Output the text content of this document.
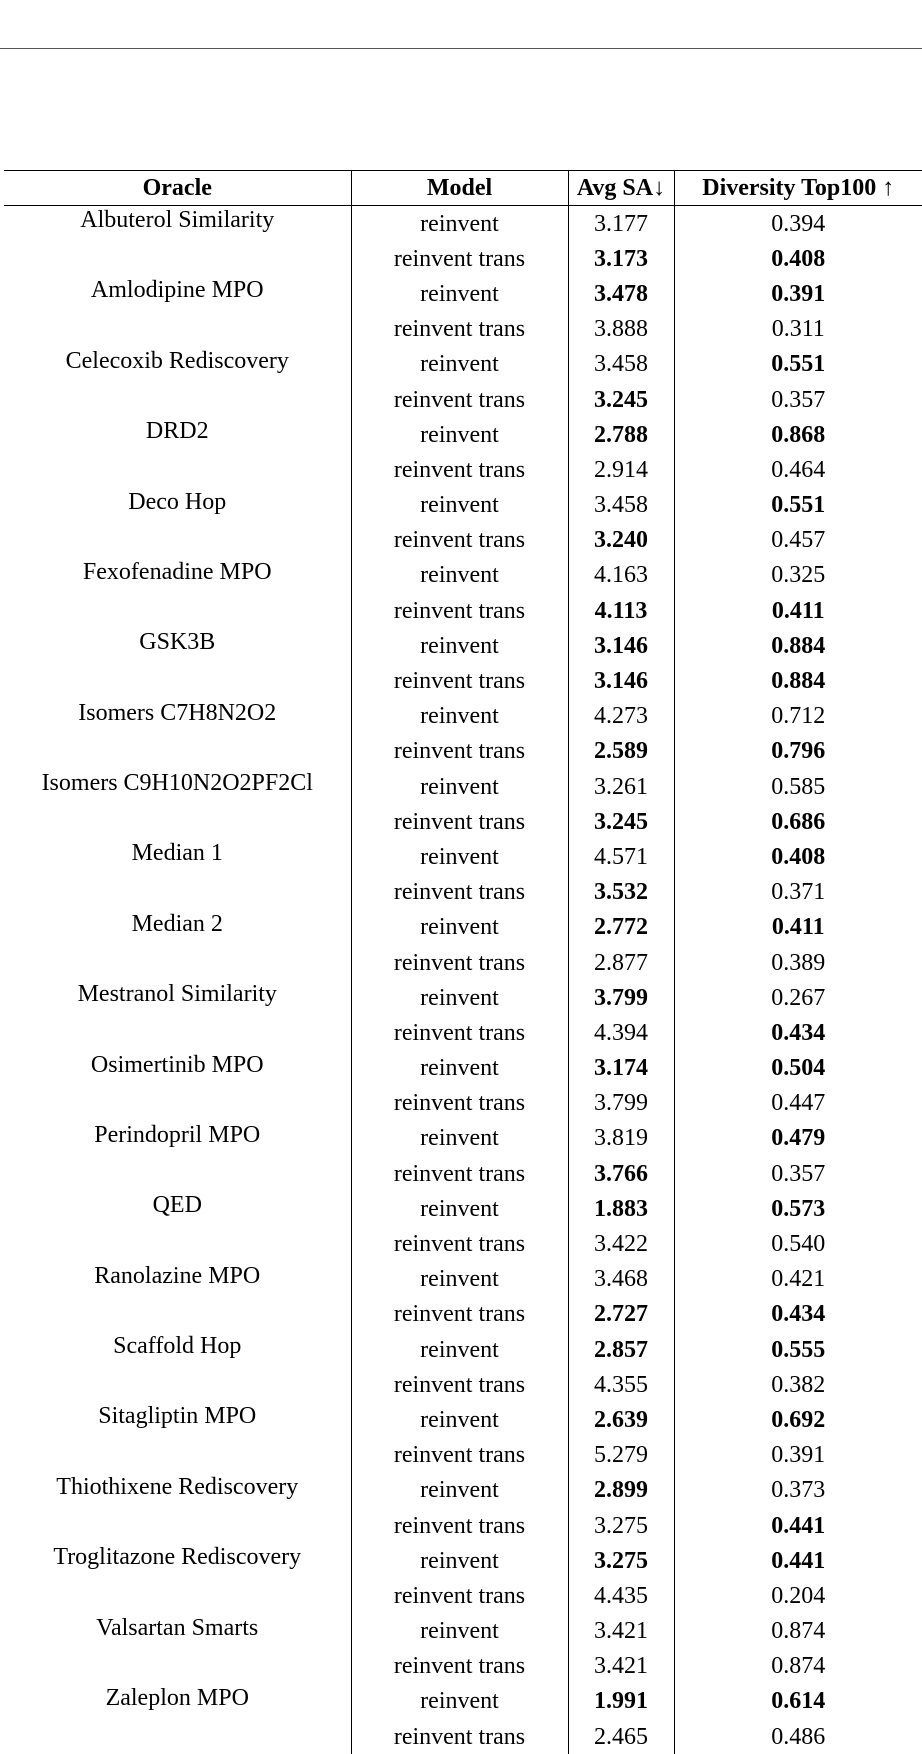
Oracle	Model	Avg SA↓	Diversity Top100 ↑
Albuterol Similarity	reinvent	3.177	0.394
	reinvent trans	3.173	0.408
Amlodipine MPO	reinvent	3.478	0.391
	reinvent trans	3.888	0.311
Celecoxib Rediscovery	reinvent	3.458	0.551
	reinvent trans	3.245	0.357
DRD2	reinvent	2.788	0.868
	reinvent trans	2.914	0.464
Deco Hop	reinvent	3.458	0.551
	reinvent trans	3.240	0.457
Fexofenadine MPO	reinvent	4.163	0.325
	reinvent trans	4.113	0.411
GSK3B	reinvent	3.146	0.884
	reinvent trans	3.146	0.884
Isomers C7H8N2O2	reinvent	4.273	0.712
	reinvent trans	2.589	0.796
Isomers C9H10N2O2PF2Cl	reinvent	3.261	0.585
	reinvent trans	3.245	0.686
Median 1	reinvent	4.571	0.408
	reinvent trans	3.532	0.371
Median 2	reinvent	2.772	0.411
	reinvent trans	2.877	0.389
Mestranol Similarity	reinvent	3.799	0.267
	reinvent trans	4.394	0.434
Osimertinib MPO	reinvent	3.174	0.504
	reinvent trans	3.799	0.447
Perindopril MPO	reinvent	3.819	0.479
	reinvent trans	3.766	0.357
QED	reinvent	1.883	0.573
	reinvent trans	3.422	0.540
Ranolazine MPO	reinvent	3.468	0.421
	reinvent trans	2.727	0.434
Scaffold Hop	reinvent	2.857	0.555
	reinvent trans	4.355	0.382
Sitagliptin MPO	reinvent	2.639	0.692
	reinvent trans	5.279	0.391
Thiothixene Rediscovery	reinvent	2.899	0.373
	reinvent trans	3.275	0.441
Troglitazone Rediscovery	reinvent	3.275	0.441
	reinvent trans	4.435	0.204
Valsartan Smarts	reinvent	3.421	0.874
	reinvent trans	3.421	0.874
Zaleplon MPO	reinvent	1.991	0.614
	reinvent trans	2.465	0.486
